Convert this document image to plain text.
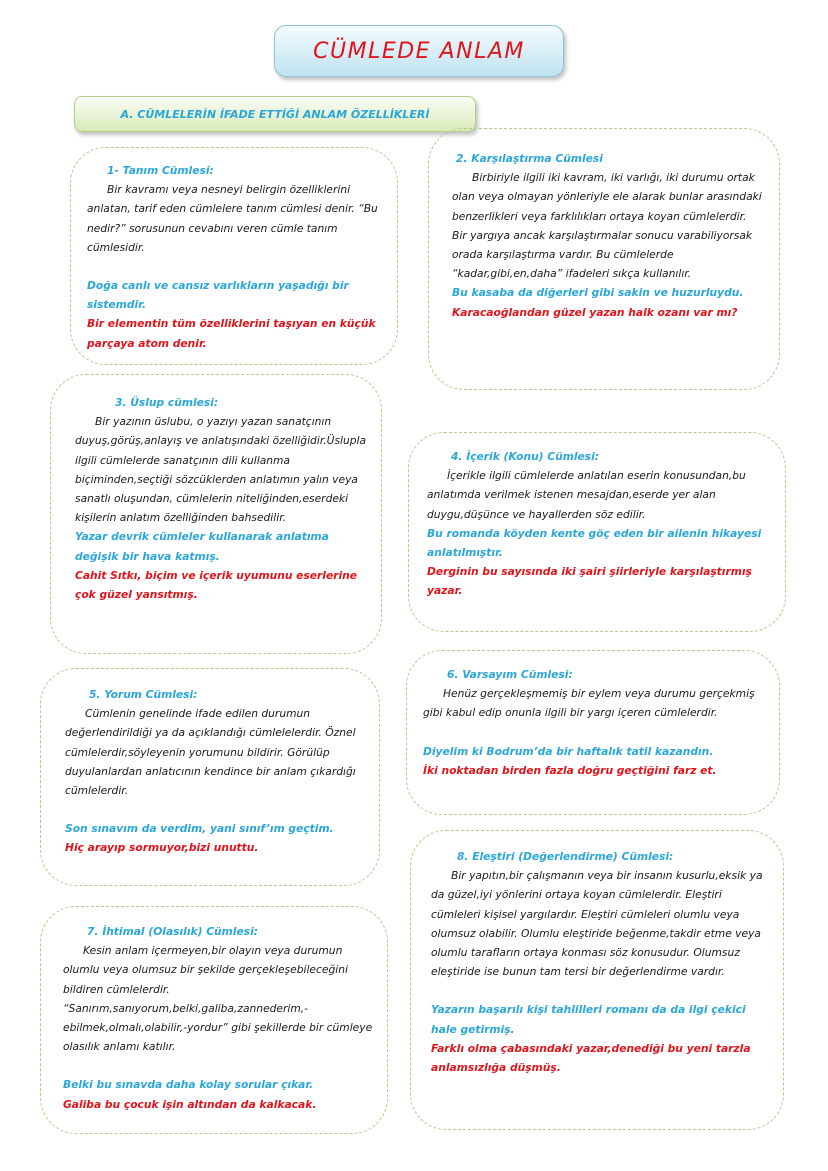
CÜMLEDE ANLAM
A. CÜMLELERİN İFADE ETTİĞİ ANLAM ÖZELLİKLERİ
1- Tanım Cümlesi:
Bir kavramı veya nesneyi belirgin özelliklerini anlatan, tarif eden cümlelere tanım cümlesi denir. “Bu nedir?” sorusunun cevabını veren cümle tanım cümlesidir.
Doğa canlı ve cansız varlıkların yaşadığı bir sistemdir.
Bir elementin tüm özelliklerini taşıyan en küçük parçaya atom denir.
2. Karşılaştırma Cümlesi
Birbiriyle ilgili iki kavram, iki varlığı, iki durumu ortak olan veya olmayan yönleriyle ele alarak bunlar arasındaki benzerlikleri veya farklılıkları ortaya koyan cümlelerdir. Bir yargıya ancak karşılaştırmalar sonucu varabiliyorsak orada karşılaştırma vardır. Bu cümlelerde “kadar,gibi,en,daha” ifadeleri sıkça kullanılır.
Bu kasaba da diğerleri gibi sakin ve huzurluydu.
Karacaoğlandan güzel yazan halk ozanı var mı?
3. Üslup cümlesi:
Bir yazının üslubu, o yazıyı yazan sanatçının duyuş,görüş,anlayış ve anlatışındaki özelliğidir.Üslupla ilgili cümlelerde sanatçının dili kullanma biçiminden,seçtiği sözcüklerden anlatımın yalın veya sanatlı oluşundan, cümlelerin niteliğinden,eserdeki kişilerin anlatım özelliğinden bahsedilir.
Yazar devrik cümleler kullanarak anlatıma değişik bir hava katmış.
Cahit Sıtkı, biçim ve içerik uyumunu eserlerine çok güzel yansıtmış.
4. İçerik (Konu) Cümlesi:
İçerikle ilgili cümlelerde anlatılan eserin konusundan,bu anlatımda verilmek istenen mesajdan,eserde yer alan duygu,düşünce ve hayallerden söz edilir.
Bu romanda köyden kente göç eden bir ailenin hikayesi anlatılmıştır.
Derginin bu sayısında iki şairi şiirleriyle karşılaştırmış yazar.
5. Yorum Cümlesi:
Cümlenin genelinde ifade edilen durumun değerlendirildiği ya da açıklandığı cümlelelerdir. Öznel cümlelerdir,söyleyenin yorumunu bildirir. Görülüp duyulanlardan anlatıcının kendince bir anlam çıkardığı cümlelerdir.
Son sınavım da verdim, yani sınıf’ım geçtim.
Hiç arayıp sormuyor,bizi unuttu.
6. Varsayım Cümlesi:
Henüz gerçekleşmemiş bir eylem veya durumu gerçekmiş gibi kabul edip onunla ilgili bir yargı içeren cümlelerdir.
Diyelim ki Bodrum’da bir haftalık tatil kazandın.
İki noktadan birden fazla doğru geçtiğini farz et.
7. İhtimal (Olasılık) Cümlesi:
Kesin anlam içermeyen,bir olayın veya durumun olumlu veya olumsuz bir şekilde gerçekleşebileceğini bildiren cümlelerdir. “Sanırım,sanıyorum,belki,galiba,zannederim,-ebilmek,olmalı,olabilir,-yordur” gibi şekillerde bir cümleye olasılık anlamı katılır.
Belki bu sınavda daha kolay sorular çıkar.
Galiba bu çocuk işin altından da kalkacak.
8. Eleştiri (Değerlendirme) Cümlesi:
Bir yapıtın,bir çalışmanın veya bir insanın kusurlu,eksik ya da güzel,iyi yönlerini ortaya koyan cümlelerdir. Eleştiri cümleleri kişisel yargılardır. Eleştiri cümleleri olumlu veya olumsuz olabilir. Olumlu eleştiride beğenme,takdir etme veya olumlu tarafların ortaya konması söz konusudur. Olumsuz eleştiride ise bunun tam tersi bir değerlendirme vardır.
Yazarın başarılı kişi tahlilleri romanı da da ilgi çekici hale getirmiş.
Farklı olma çabasındaki yazar,denediği bu yeni tarzla anlamsızlığa düşmüş.
